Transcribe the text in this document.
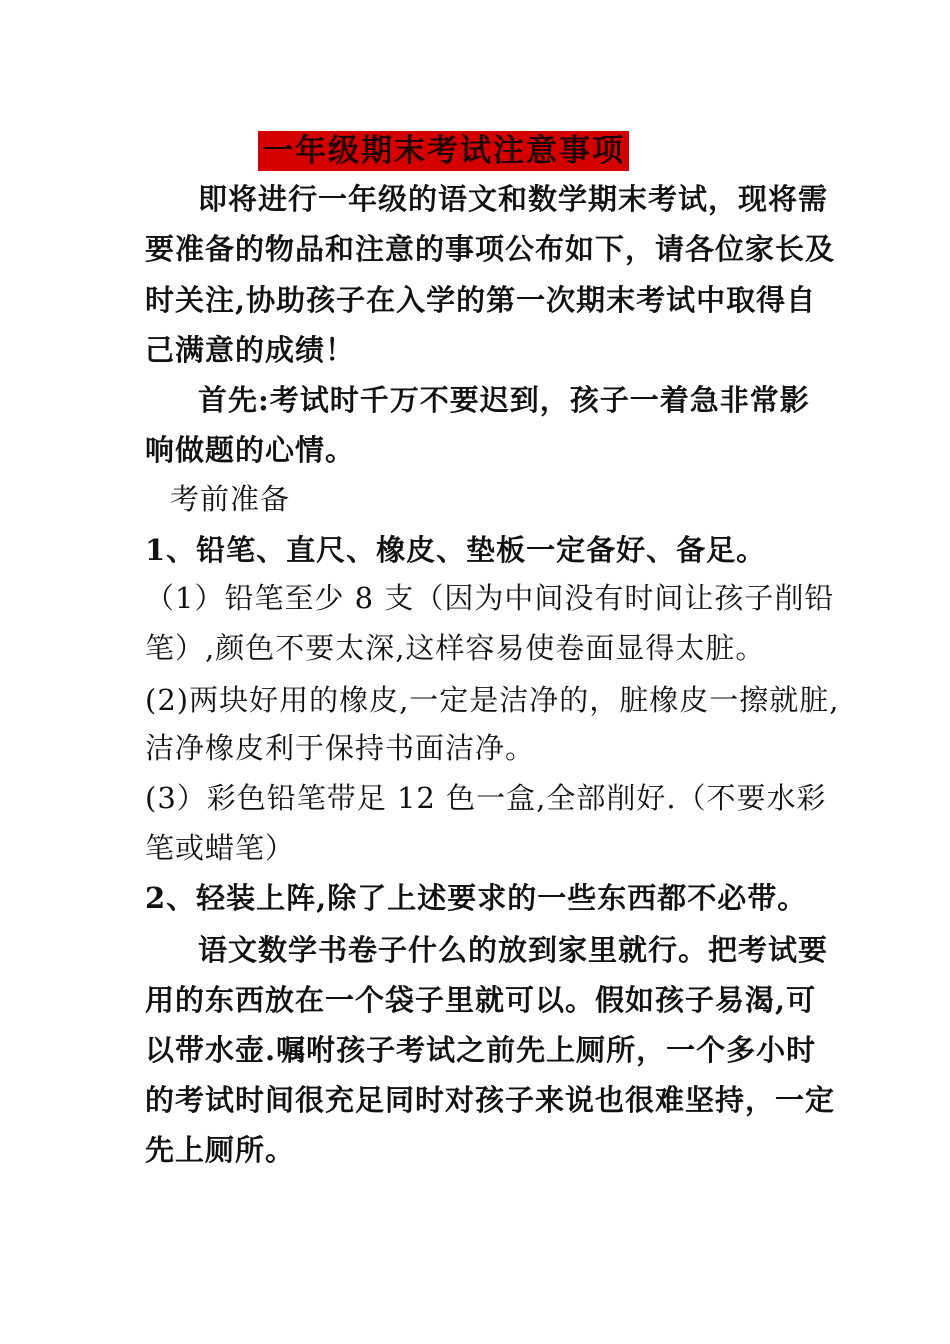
一年级期末考试注意事项
即将进行一年级的语文和数学期末考试，现将需
要准备的物品和注意的事项公布如下，请各位家长及
时关注,协助孩子在入学的第一次期末考试中取得自
己满意的成绩！
首先:考试时千万不要迟到，孩子一着急非常影
响做题的心情。
考前准备
1、铅笔、直尺、橡皮、垫板一定备好、备足。
（1）铅笔至少 8 支（因为中间没有时间让孩子削铅
笔）,颜色不要太深,这样容易使卷面显得太脏。
(2)两块好用的橡皮,一定是洁净的，脏橡皮一擦就脏,
洁净橡皮利于保持书面洁净。
(3）彩色铅笔带足 12 色一盒,全部削好.（不要水彩
笔或蜡笔）
2、轻装上阵,除了上述要求的一些东西都不必带。
语文数学书卷子什么的放到家里就行。把考试要
用的东西放在一个袋子里就可以。假如孩子易渴,可
以带水壶.嘱咐孩子考试之前先上厕所，一个多小时
的考试时间很充足同时对孩子来说也很难坚持，一定
先上厕所。
